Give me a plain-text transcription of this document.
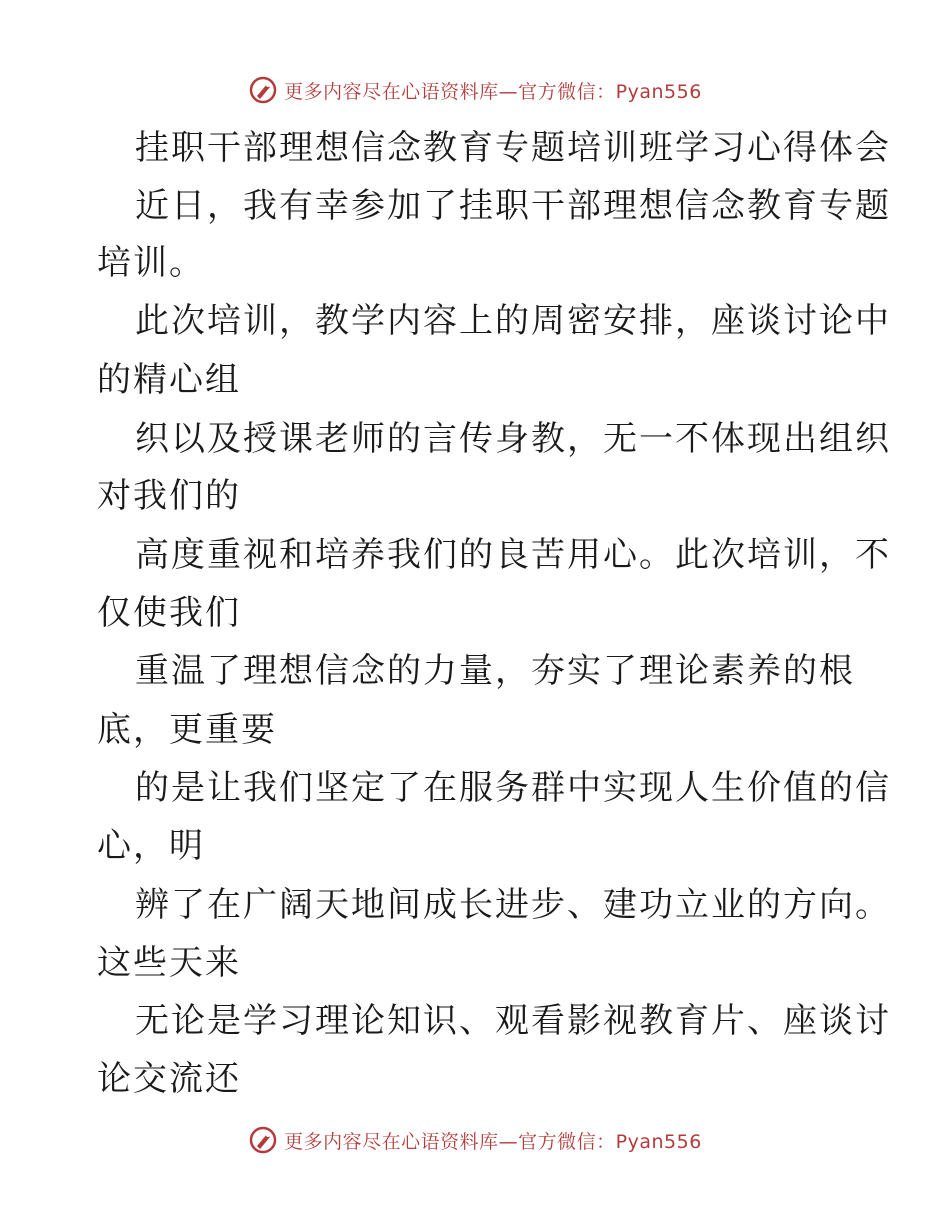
更多内容尽在心语资料库—官方微信：Pyan556
挂职干部理想信念教育专题培训班学习心得体会
近日，我有幸参加了挂职干部理想信念教育专题
培训。
此次培训，教学内容上的周密安排，座谈讨论中
的精心组
织以及授课老师的言传身教，无一不体现出组织
对我们的
高度重视和培养我们的良苦用心。此次培训，不
仅使我们
重温了理想信念的力量，夯实了理论素养的根
底，更重要
的是让我们坚定了在服务群中实现人生价值的信
心，明
辨了在广阔天地间成长进步、建功立业的方向。
这些天来
无论是学习理论知识、观看影视教育片、座谈讨
论交流还
更多内容尽在心语资料库—官方微信：Pyan556
